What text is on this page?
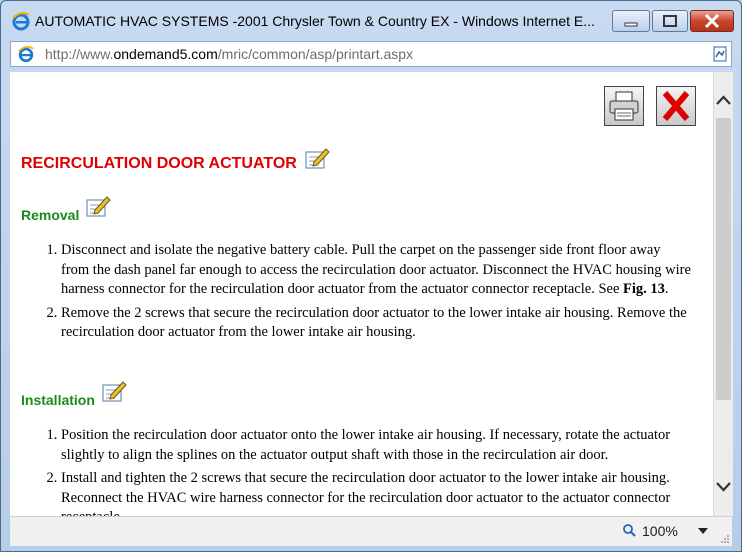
AUTOMATIC HVAC SYSTEMS -2001 Chrysler Town & Country EX - Windows Internet E...
http://www.ondemand5.com/mric/common/asp/printart.aspx
RECIRCULATION DOOR ACTUATOR
Removal
1. Disconnect and isolate the negative battery cable. Pull the carpet on the passenger side front floor away from the dash panel far enough to access the recirculation door actuator. Disconnect the HVAC housing wire harness connector for the recirculation door actuator from the actuator connector receptacle. See Fig. 13.
2. Remove the 2 screws that secure the recirculation door actuator to the lower intake air housing. Remove the recirculation door actuator from the lower intake air housing.
Installation
1. Position the recirculation door actuator onto the lower intake air housing. If necessary, rotate the actuator slightly to align the splines on the actuator output shaft with those in the recirculation air door.
2. Install and tighten the 2 screws that secure the recirculation door actuator to the lower intake air housing. Reconnect the HVAC wire harness connector for the recirculation door actuator to the actuator connector
100%
